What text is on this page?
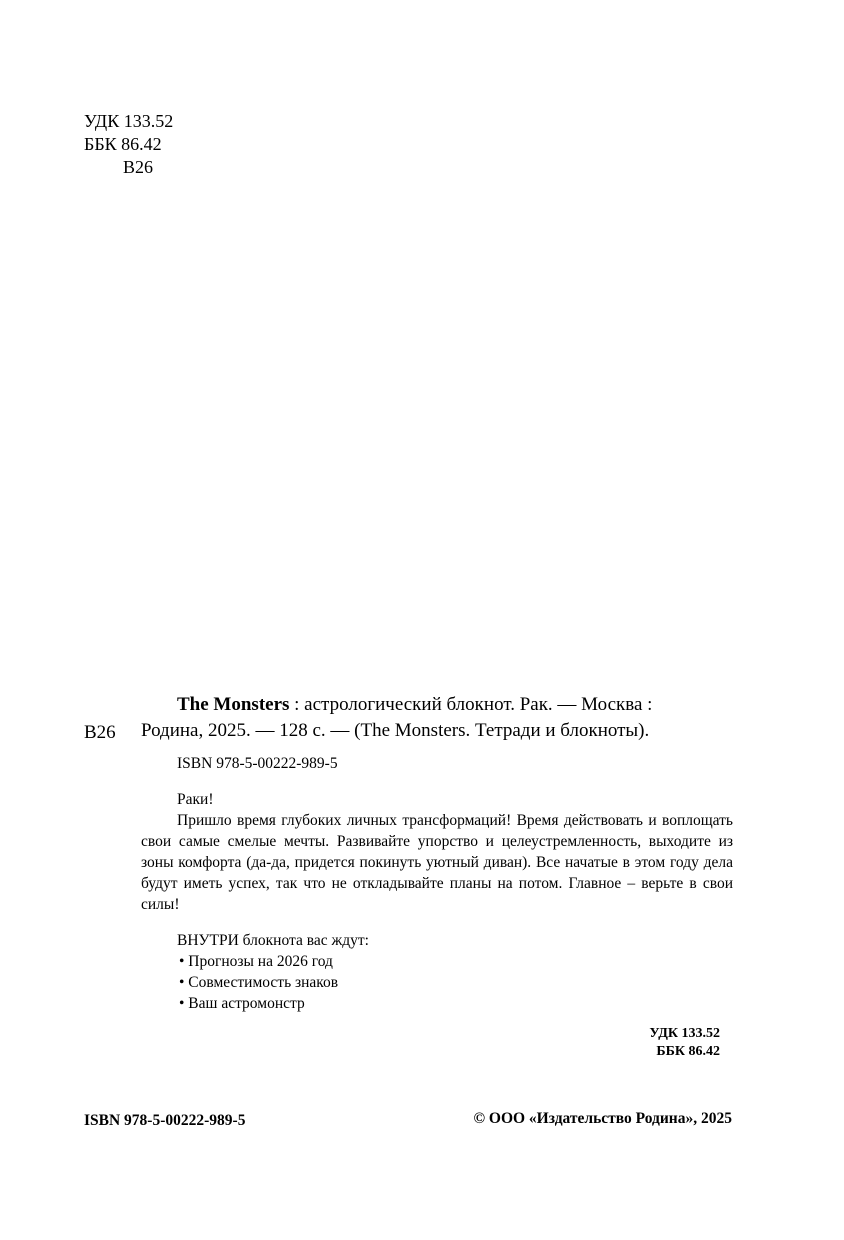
УДК 133.52
ББК 86.42
В26
В26
The Monsters : астрологический блокнот. Рак. — Москва :
Родина, 2025. — 128 с. — (The Monsters. Тетради и блокноты).
ISBN 978-5-00222-989-5

Раки!

Пришло время глубоких личных трансформаций! Время действовать и воплощать свои самые смелые мечты. Развивайте упорство и целеустремленность, выходите из зоны комфорта (да-да, придется покинуть уютный диван). Все начатые в этом году дела будут иметь успех, так что не откладывайте планы на потом. Главное – верьте в свои силы!

ВНУТРИ блокнота вас ждут:
• Прогнозы на 2026 год
• Совместимость знаков
• Ваш астромонстр
УДК 133.52
ББК 86.42
ISBN 978-5-00222-989-5	© ООО «Издательство Родина», 2025
